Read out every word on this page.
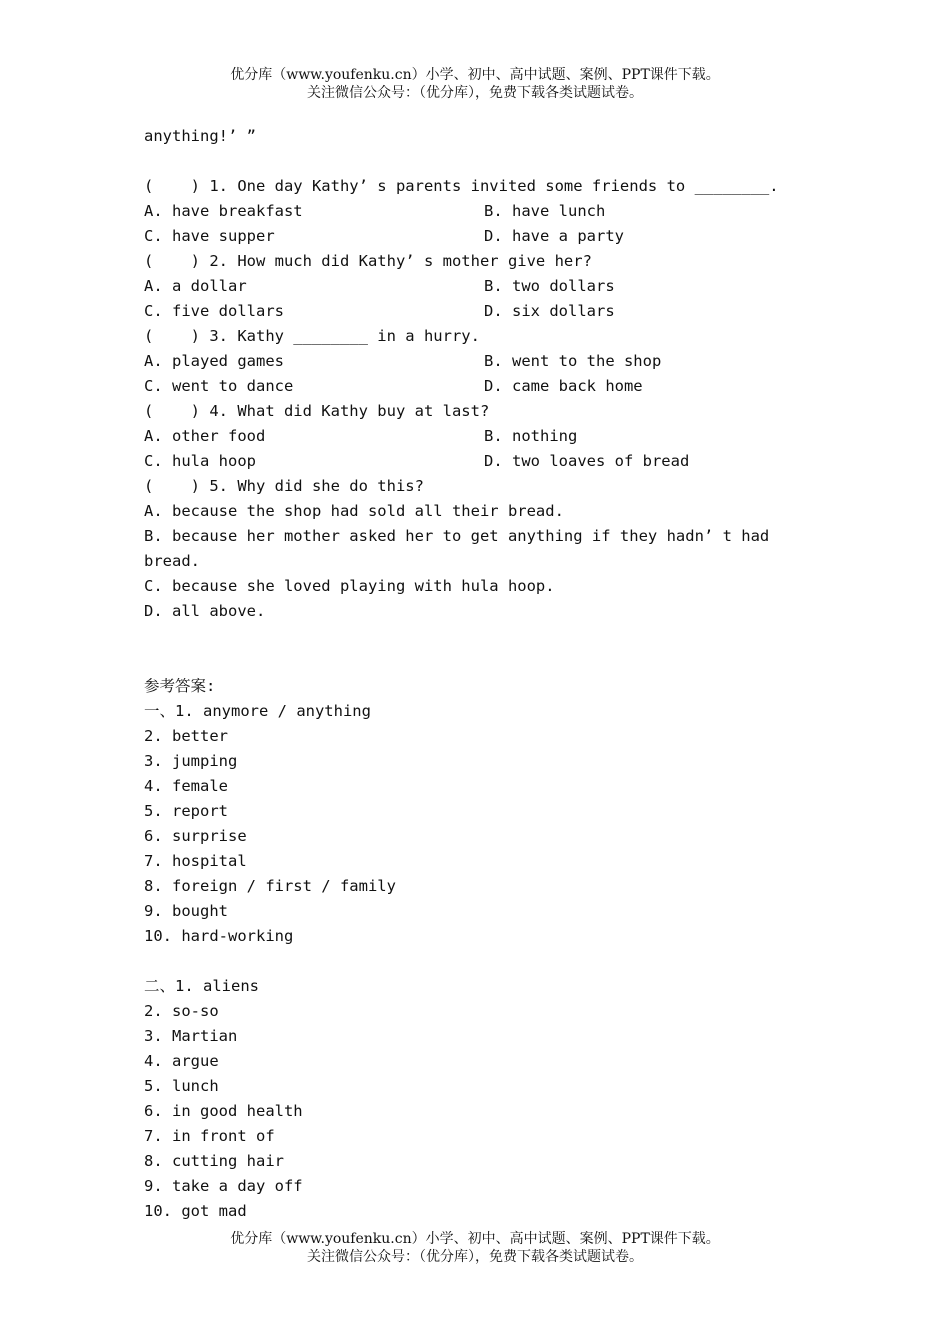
优分库（www.youfenku.cn）小学、初中、高中试题、案例、PPT课件下载。
关注微信公众号：（优分库），免费下载各类试题试卷。
anything!’ ”
(    ) 1. One day Kathy’ s parents invited some friends to ________.
A. have breakfast	B. have lunch
C. have supper	D. have a party
(    ) 2. How much did Kathy’ s mother give her?
A. a dollar	B. two dollars
C. five dollars	D. six dollars
(    ) 3. Kathy ________ in a hurry.
A. played games	B. went to the shop
C. went to dance	D. came back home
(    ) 4. What did Kathy buy at last?
A. other food	B. nothing
C. hula hoop	D. two loaves of bread
(    ) 5. Why did she do this?
A. because the shop had sold all their bread.
B. because her mother asked her to get anything if they hadn’ t had
bread.
C. because she loved playing with hula hoop.
D. all above.
参考答案:
一、1. anymore / anything
2. better
3. jumping
4. female
5. report
6. surprise
7. hospital
8. foreign / first / family
9. bought
10. hard-working
二、1. aliens
2. so-so
3. Martian
4. argue
5. lunch
6. in good health
7. in front of
8. cutting hair
9. take a day off
10. got mad
优分库（www.youfenku.cn）小学、初中、高中试题、案例、PPT课件下载。
关注微信公众号：（优分库），免费下载各类试题试卷。
